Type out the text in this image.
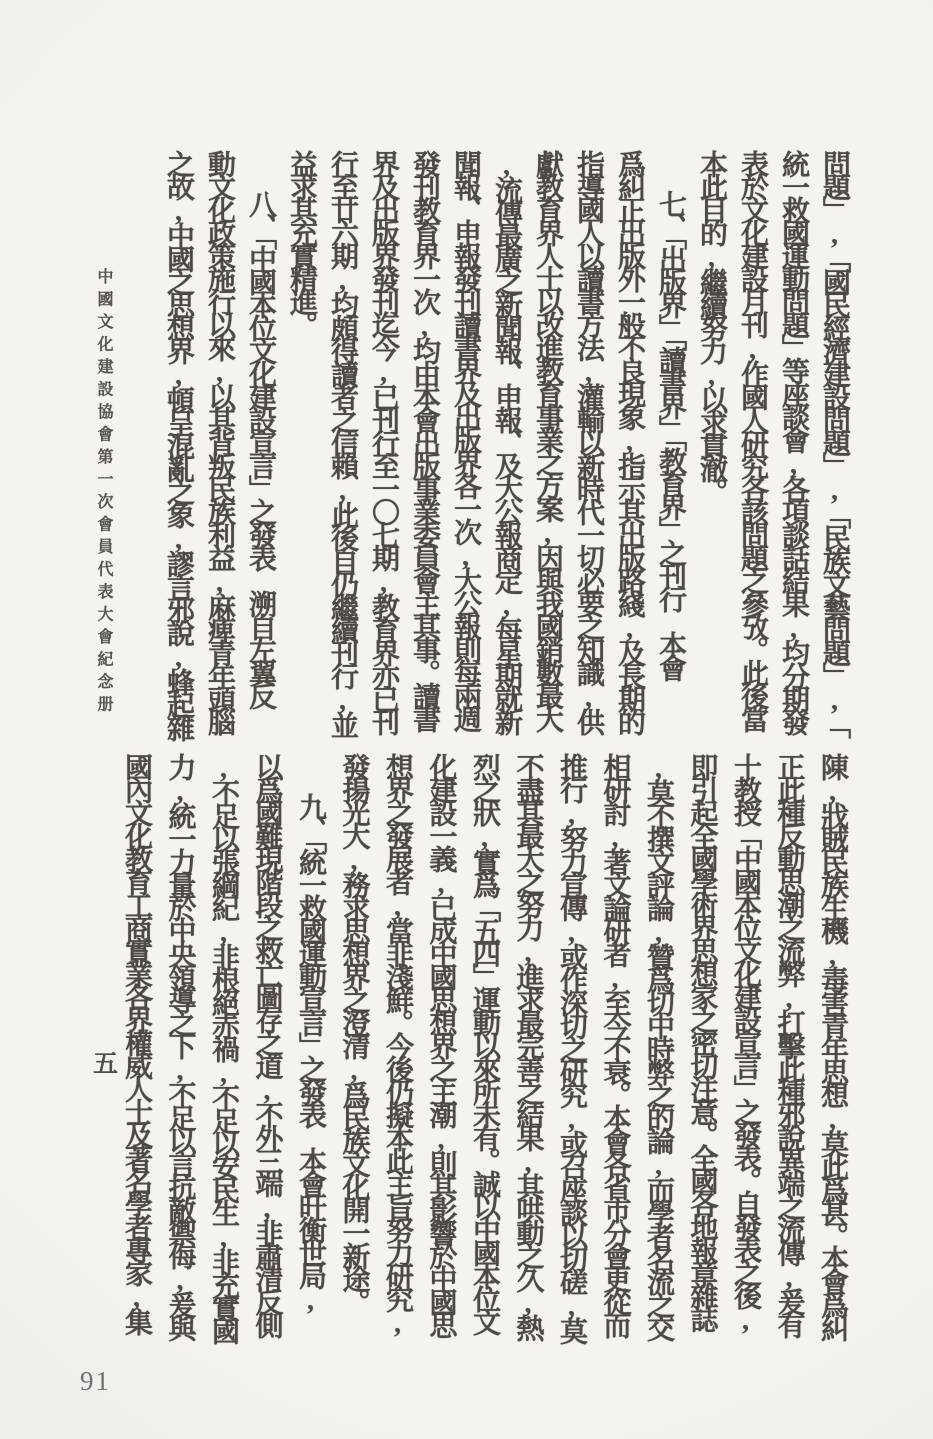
問題」,「國民經濟建設問題」,「民族文藝問題」,「
統一救國運動問題」等座談會,各項談話結果,均分期發
表於文化建設月刊,作國人研究各該問題之參攷。此後當
本此目的,繼續努力,以求貫澈。
七、「出版界」「讀書界」「教育界」之刊行　本會
爲糾正出版外一般不良現象,指示其出版路綫,及長期的
指導國人以讀書方法,灌輸以新時代一切必要之知識,供
獻教育界人士以改進教育事業之方案,因與我國銷數最大
,流傳最廣之新聞報、申報、及大公報商定,每星期就新
聞報、申報發刊讀書界及出版界各一次,大公報則每兩週
發刊教育界一次,均由本會出版事業委員會主其事。讀書
界及出版界發刊迄今,已刊行至一〇七期,教育界亦已刊
行至廿六期,均頗得讀者之信賴,此後自仍繼續刊行,並
益求其充實精進。
八、「中國本位文化建設宣言」之發表　溯自左翼反
動文化政策施行以來,以其背叛民族利益,麻痺青年頭腦
之故,中國之思想界,頓呈混亂之象,謬言邪說,蜂起雜
陳,戕賊民族生機,毒害青年思想,莫此爲甚。本會爲糾
正此種反動思潮之流弊,打擊此種邪說異端之流傳,爰有
十教授「中國本位文化建設宣言」之發表。自發表之後,
即引起全國學術界思想家之密切注意。全國各地報章雜誌
,莫不撰文評論,贊爲切中時弊之的論,而學者名流之交
相研討,著文論研者,至今不衰。本會各省市分會更從而
推行,努力宣傳,或作深切之研究,或召座談以切磋,莫
不盡其最大之努力,進求最完善之結果,其哄動之久,熱
烈之狀,實爲「五四」運動以來所未有。誠以中國本位文
化建設一義,已成中國思想界之主潮,則其影響於中國思
想界之發展者,當非淺鮮。今後仍擬本此主旨努力研究,
發揚光大,務求思想界之澄清,爲民族文化開一新途。
九、「統一救國運動宣言」之發表　本會旰衡世局,
以爲國難現階段之救亡圖存之道,不外三端,非肅清反側
,不足以張綱紀,非根絕赤禍,不足以安民生,非充實國
力,統一力量於中央領導之下,不足以言抗敵禦侮,爰與
國內文化教育工商實業各界權威人士及著名學者專家,集
中國文化建設協會第一次會員代表大會紀念册
五
91
